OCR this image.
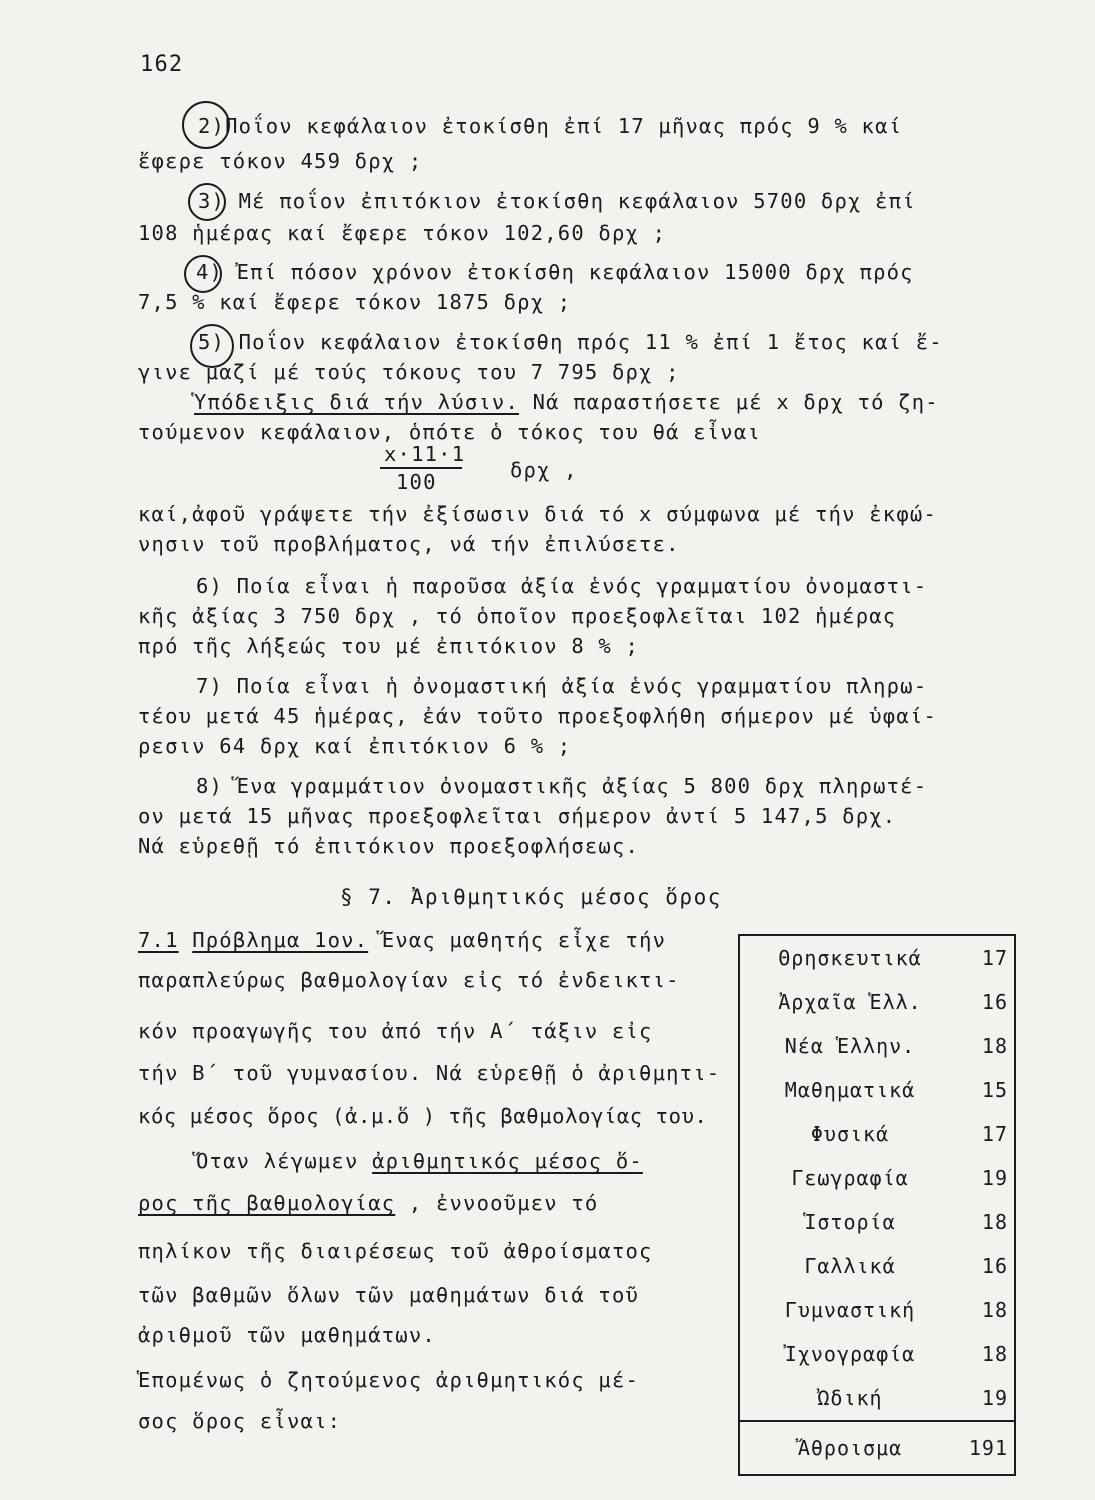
162
2)Ποΐον κεφάλαιον ἐτοκίσθη ἐπί 17 μῆνας πρός 9 % καί
ἔφερε τόκον 459 δρχ ;
3) Μέ ποΐον ἐπιτόκιον ἐτοκίσθη κεφάλαιον 5700 δρχ ἐπί
108 ἡμέρας καί ἔφερε τόκον 102,60 δρχ ;
4) Ἐπί πόσον χρόνον ἐτοκίσθη κεφάλαιον 15000 δρχ πρός
7,5 % καί ἔφερε τόκον 1875 δρχ ;
5) Ποΐον κεφάλαιον ἐτοκίσθη πρός 11 % ἐπί 1 ἔτος καί ἔ-
γινε μαζί μέ τούς τόκους του 7 795 δρχ ;
Ὑπόδειξις διά τήν λύσιν. Νά παραστήσετε μέ x δρχ τό ζη-
τούμενον κεφάλαιον, ὁπότε ὁ τόκος του θά εἶναι
x·11·1
100	δρχ ,
καί,ἀφοῦ γράψετε τήν ἐξίσωσιν διά τό x σύμφωνα μέ τήν ἐκφώ-
νησιν τοῦ προβλήματος, νά τήν ἐπιλύσετε.
6) Ποία εἶναι ἡ παροῦσα ἀξία ἑνός γραμματίου ὀνομαστι-
κῆς ἀξίας 3 750 δρχ , τό ὁποῖον προεξοφλεῖται 102 ἡμέρας
πρό τῆς λήξεώς του μέ ἐπιτόκιον 8 % ;
7) Ποία εἶναι ἡ ὀνομαστική ἀξία ἑνός γραμματίου πληρω-
τέου μετά 45 ἡμέρας, ἐάν τοῦτο προεξοφλήθη σήμερον μέ ὑφαί-
ρεσιν 64 δρχ καί ἐπιτόκιον 6 % ;
8) Ἕνα γραμμάτιον ὀνομαστικῆς ἀξίας 5 800 δρχ πληρωτέ-
ον μετά 15 μῆνας προεξοφλεῖται σήμερον ἀντί 5 147,5 δρχ.
Νά εὑρεθῇ τό ἐπιτόκιον προεξοφλήσεως.
§ 7. Ἀριθμητικός μέσος ὅρος
7.1 Πρόβλημα 1ον. Ἕνας μαθητής εἶχε τήν
παραπλεύρως βαθμολογίαν εἰς τό ἐνδεικτι-
κόν προαγωγῆς του ἀπό τήν Α΄ τάξιν εἰς
τήν Β΄ τοῦ γυμνασίου. Νά εὑρεθῇ ὁ ἀριθμητι-
κός μέσος ὅρος (ἀ.μ.ὅ ) τῆς βαθμολογίας του.
Ὅταν λέγωμεν ἀριθμητικός μέσος ὅ-
ρος τῆς βαθμολογίας , ἐννοοῦμεν τό
πηλίκον τῆς διαιρέσεως τοῦ ἀθροίσματος
τῶν βαθμῶν ὅλων τῶν μαθημάτων διά τοῦ
ἀριθμοῦ τῶν μαθημάτων.
Ἑπομένως ὁ ζητούμενος ἀριθμητικός μέ-
σος ὅρος εἶναι:
Θρησκευτικά	17
Ἀρχαῖα Ἑλλ.	16
Νέα Ἑλλην.	18
Μαθηματικά	15
Φυσικά	17
Γεωγραφία	19
Ἱστορία	18
Γαλλικά	16
Γυμναστική	18
Ἰχνογραφία	18
Ὠδική	19
Ἄθροισμα	191
